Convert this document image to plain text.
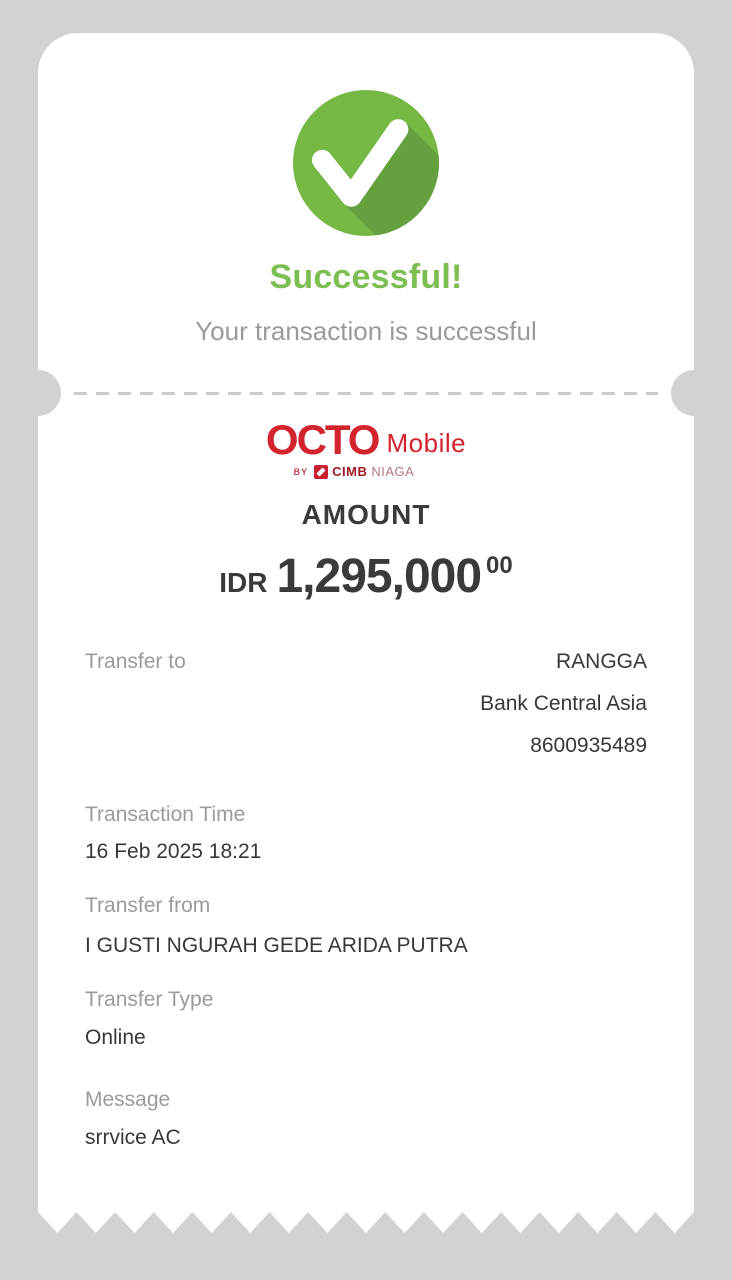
Successful!
Your transaction is successful
OCTO Mobile
BY CIMB NIAGA
AMOUNT
IDR 1,295,000 00
Transfer to	RANGGA
Bank Central Asia
8600935489
Transaction Time
16 Feb 2025 18:21
Transfer from
I GUSTI NGURAH GEDE ARIDA PUTRA
Transfer Type
Online
Message
srrvice AC
